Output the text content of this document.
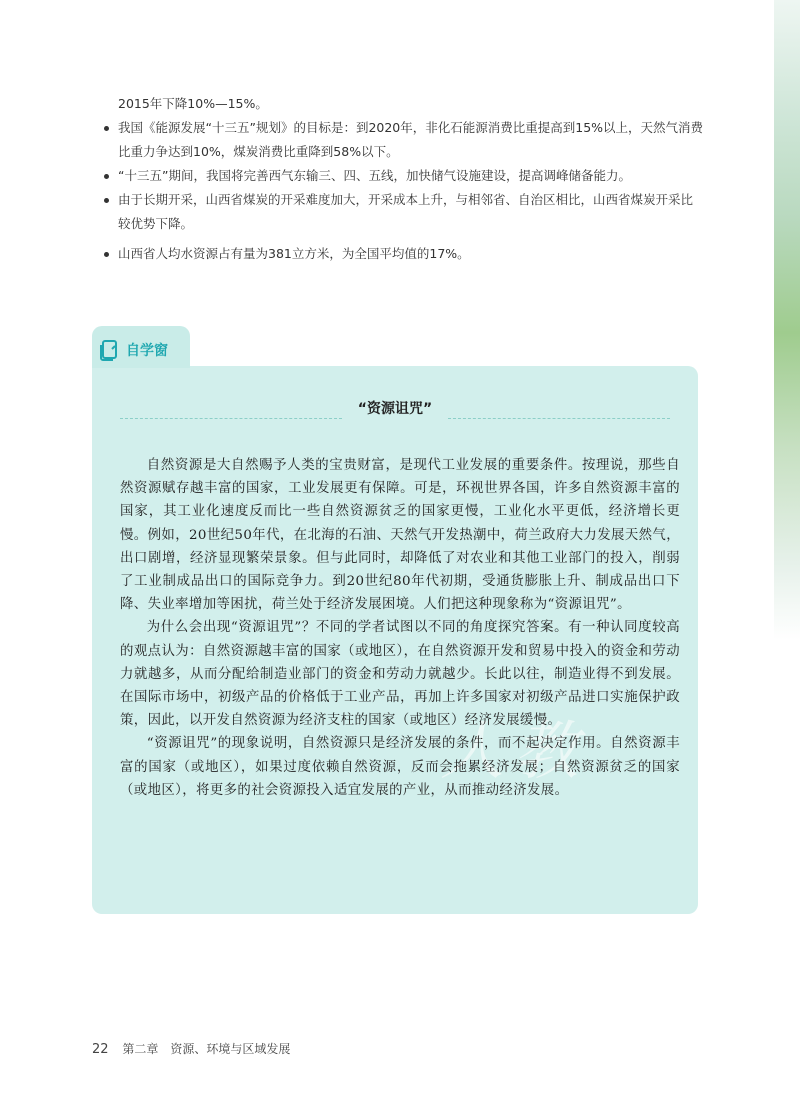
2015年下降10%—15%。
我国《能源发展“十三五”规划》的目标是：到2020年，非化石能源消费比重提高到15%以上，天然气消费比重力争达到10%，煤炭消费比重降到58%以下。
“十三五”期间，我国将完善西气东输三、四、五线，加快储气设施建设，提高调峰储备能力。
由于长期开采，山西省煤炭的开采难度加大，开采成本上升，与相邻省、自治区相比，山西省煤炭开采比较优势下降。
山西省人均水资源占有量为381立方米，为全国平均值的17%。
自学窗
“资源诅咒”
人教

自然资源是大自然赐予人类的宝贵财富，是现代工业发展的重要条件。按理说，那些自然资源赋存越丰富的国家，工业发展更有保障。可是，环视世界各国，许多自然资源丰富的国家，其工业化速度反而比一些自然资源贫乏的国家更慢，工业化水平更低，经济增长更慢。例如，20世纪50年代，在北海的石油、天然气开发热潮中，荷兰政府大力发展天然气，出口剧增，经济显现繁荣景象。但与此同时，却降低了对农业和其他工业部门的投入，削弱了工业制成品出口的国际竞争力。到20世纪80年代初期，受通货膨胀上升、制成品出口下降、失业率增加等困扰，荷兰处于经济发展困境。人们把这种现象称为“资源诅咒”。

为什么会出现“资源诅咒”？不同的学者试图以不同的角度探究答案。有一种认同度较高的观点认为：自然资源越丰富的国家（或地区），在自然资源开发和贸易中投入的资金和劳动力就越多，从而分配给制造业部门的资金和劳动力就越少。长此以往，制造业得不到发展。在国际市场中，初级产品的价格低于工业产品，再加上许多国家对初级产品进口实施保护政策，因此，以开发自然资源为经济支柱的国家（或地区）经济发展缓慢。

“资源诅咒”的现象说明，自然资源只是经济发展的条件，而不起决定作用。自然资源丰富的国家（或地区），如果过度依赖自然资源，反而会拖累经济发展；自然资源贫乏的国家（或地区），将更多的社会资源投入适宜发展的产业，从而推动经济发展。

22 第二章　资源、环境与区域发展
